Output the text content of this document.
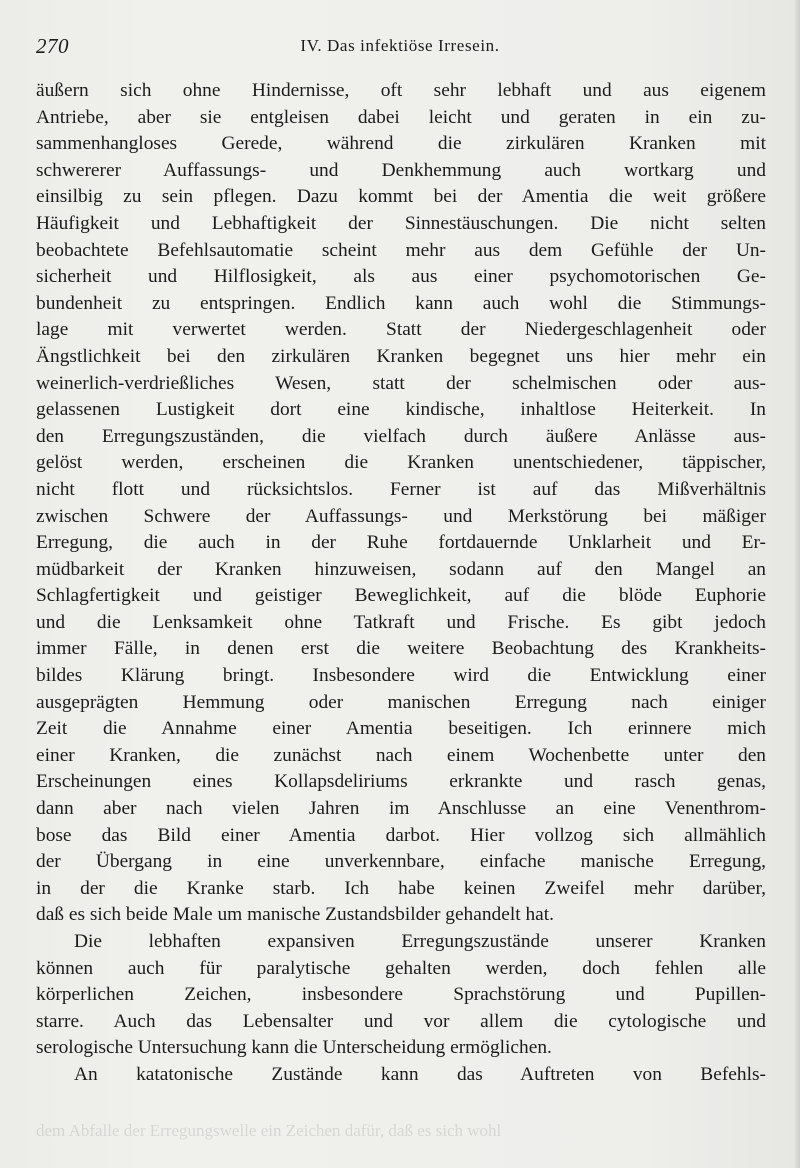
270	IV. Das infektiöse Irresein.
äußern sich ohne Hindernisse, oft sehr lebhaft und aus eigenem
Antriebe, aber sie entgleisen dabei leicht und geraten in ein zu-
sammenhangloses Gerede, während die zirkulären Kranken mit
schwererer Auffassungs- und Denkhemmung auch wortkarg und
einsilbig zu sein pflegen. Dazu kommt bei der Amentia die weit größere
Häufigkeit und Lebhaftigkeit der Sinnestäuschungen. Die nicht selten
beobachtete Befehlsautomatie scheint mehr aus dem Gefühle der Un-
sicherheit und Hilflosigkeit, als aus einer psychomotorischen Ge-
bundenheit zu entspringen. Endlich kann auch wohl die Stimmungs-
lage mit verwertet werden. Statt der Niedergeschlagenheit oder
Ängstlichkeit bei den zirkulären Kranken begegnet uns hier mehr ein
weinerlich-verdrießliches Wesen, statt der schelmischen oder aus-
gelassenen Lustigkeit dort eine kindische, inhaltlose Heiterkeit. In
den Erregungszuständen, die vielfach durch äußere Anlässe aus-
gelöst werden, erscheinen die Kranken unentschiedener, täppischer,
nicht flott und rücksichtslos. Ferner ist auf das Mißverhältnis
zwischen Schwere der Auffassungs- und Merkstörung bei mäßiger
Erregung, die auch in der Ruhe fortdauernde Unklarheit und Er-
müdbarkeit der Kranken hinzuweisen, sodann auf den Mangel an
Schlagfertigkeit und geistiger Beweglichkeit, auf die blöde Euphorie
und die Lenksamkeit ohne Tatkraft und Frische. Es gibt jedoch
immer Fälle, in denen erst die weitere Beobachtung des Krankheits-
bildes Klärung bringt. Insbesondere wird die Entwicklung einer
ausgeprägten Hemmung oder manischen Erregung nach einiger
Zeit die Annahme einer Amentia beseitigen. Ich erinnere mich
einer Kranken, die zunächst nach einem Wochenbette unter den
Erscheinungen eines Kollapsdeliriums erkrankte und rasch genas,
dann aber nach vielen Jahren im Anschlusse an eine Venenthrom-
bose das Bild einer Amentia darbot. Hier vollzog sich allmählich
der Übergang in eine unverkennbare, einfache manische Erregung,
in der die Kranke starb. Ich habe keinen Zweifel mehr darüber,
daß es sich beide Male um manische Zustandsbilder gehandelt hat.
Die lebhaften expansiven Erregungszustände unserer Kranken
können auch für paralytische gehalten werden, doch fehlen alle
körperlichen Zeichen, insbesondere Sprachstörung und Pupillen-
starre. Auch das Lebensalter und vor allem die cytologische und
serologische Untersuchung kann die Unterscheidung ermöglichen.
An katatonische Zustände kann das Auftreten von Befehls-
dem Abfalle der Erregungswelle ein Zeichen dafür, daß es sich wohl
